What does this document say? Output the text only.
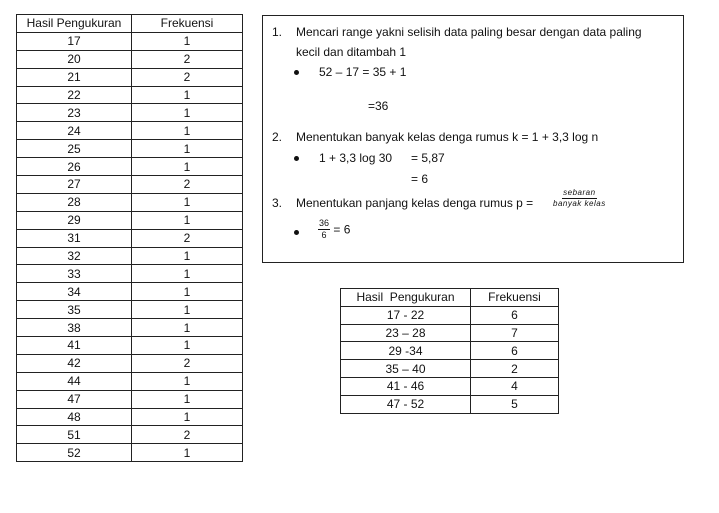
Hasil Pengukuran	Frekuensi
17	1
20	2
21	2
22	1
23	1
24	1
25	1
26	1
27	2
28	1
29	1
31	2
32	1
33	1
34	1
35	1
38	1
41	1
42	2
44	1
47	1
48	1
51	2
52	1
1. Mencari range yakni selisih data paling besar dengan data paling
kecil dan ditambah 1
52 – 17 = 35 + 1
=36
2. Menentukan banyak kelas denga rumus k = 1 + 3,3 log n
1 + 3,3 log 30 = 5,87
= 6
3. Menentukan panjang kelas denga rumus $p = \frac{\text{sebaran}}{\text{banyak kelas}}$
$\frac{36}{6} = 6$
Hasil  Pengukuran	Frekuensi
17 - 22	6
23 – 28	7
29 -34	6
35 – 40	2
41 - 46	4
47 - 52	5
